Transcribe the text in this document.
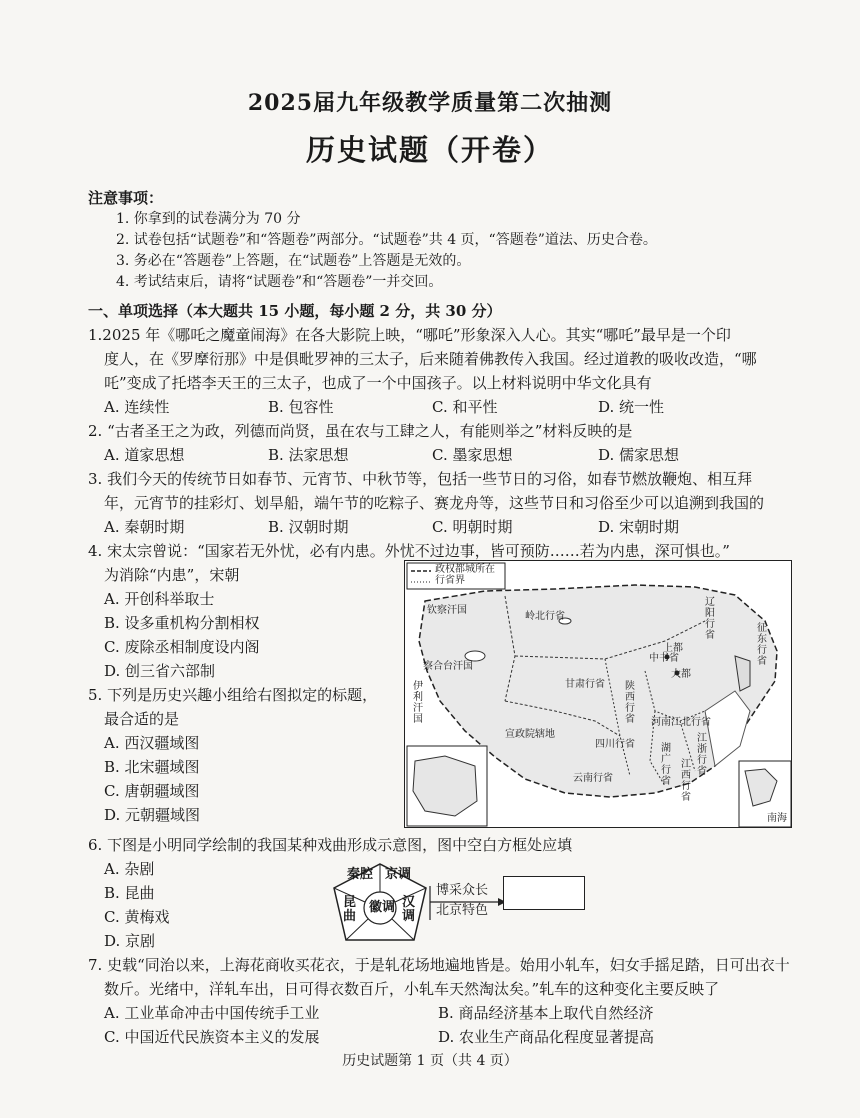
2025届九年级教学质量第二次抽测
历史试题（开卷）
注意事项：
1. 你拿到的试卷满分为 70 分
2. 试卷包括“试题卷”和“答题卷”两部分。“试题卷”共 4 页，“答题卷”道法、历史合卷。
3. 务必在“答题卷”上答题，在“试题卷”上答题是无效的。
4. 考试结束后，请将“试题卷”和“答题卷”一并交回。
一、单项选择（本大题共 15 小题，每小题 2 分，共 30 分）
1.2025 年《哪吒之魔童闹海》在各大影院上映，“哪吒”形象深入人心。其实“哪吒”最早是一个印
度人，在《罗摩衍那》中是俱毗罗神的三太子，后来随着佛教传入我国。经过道教的吸收改造，“哪
吒”变成了托塔李天王的三太子，也成了一个中国孩子。以上材料说明中华文化具有
A. 连续性	B. 包容性	C. 和平性	D. 统一性
2. “古者圣王之为政，列德而尚贤，虽在农与工肆之人，有能则举之”材料反映的是
A. 道家思想	B. 法家思想	C. 墨家思想	D. 儒家思想
3. 我们今天的传统节日如春节、元宵节、中秋节等，包括一些节日的习俗，如春节燃放鞭炮、相互拜
年，元宵节的挂彩灯、划旱船，端午节的吃粽子、赛龙舟等，这些节日和习俗至少可以追溯到我国的
A. 秦朝时期	B. 汉朝时期	C. 明朝时期	D. 宋朝时期
4. 宋太宗曾说：“国家若无外忧，必有内患。外忧不过边事，皆可预防……若为内患，深可惧也。”
为消除“内患”，宋朝
A. 开创科举取士
B. 设多重机构分割相权
C. 废除丞相制度设内阁
D. 创三省六部制
5. 下列是历史兴趣小组给右图拟定的标题，
最合适的是
A. 西汉疆域图
B. 北宋疆域图
C. 唐朝疆域图
D. 元朝疆域图
政权都城所在
行省界
钦察汗国
岭北行省
察合台汗国
伊利汗国
甘肃行省
宣政院辖地
陕西行省
中书省
大都
上都
河南江北行省
四川行省
云南行省
湖广行省
江浙行省
江西行省
辽阳行省
征东行省
南海
6. 下图是小明同学绘制的我国某种戏曲形成示意图，图中空白方框处应填
A. 杂剧
B. 昆曲
C. 黄梅戏
D. 京剧
秦腔 京调
徽调 汉调
昆曲
博采众长
北京特色
7. 史载“同治以来，上海花商收买花衣，于是轧花场地遍地皆是。始用小轧车，妇女手摇足踏，日可出衣十
数斤。光绪中，洋轧车出，日可得衣数百斤，小轧车天然淘汰矣。”轧车的这种变化主要反映了
A. 工业革命冲击中国传统手工业	B. 商品经济基本上取代自然经济
C. 中国近代民族资本主义的发展	D. 农业生产商品化程度显著提高
历史试题第 1 页（共 4 页）
